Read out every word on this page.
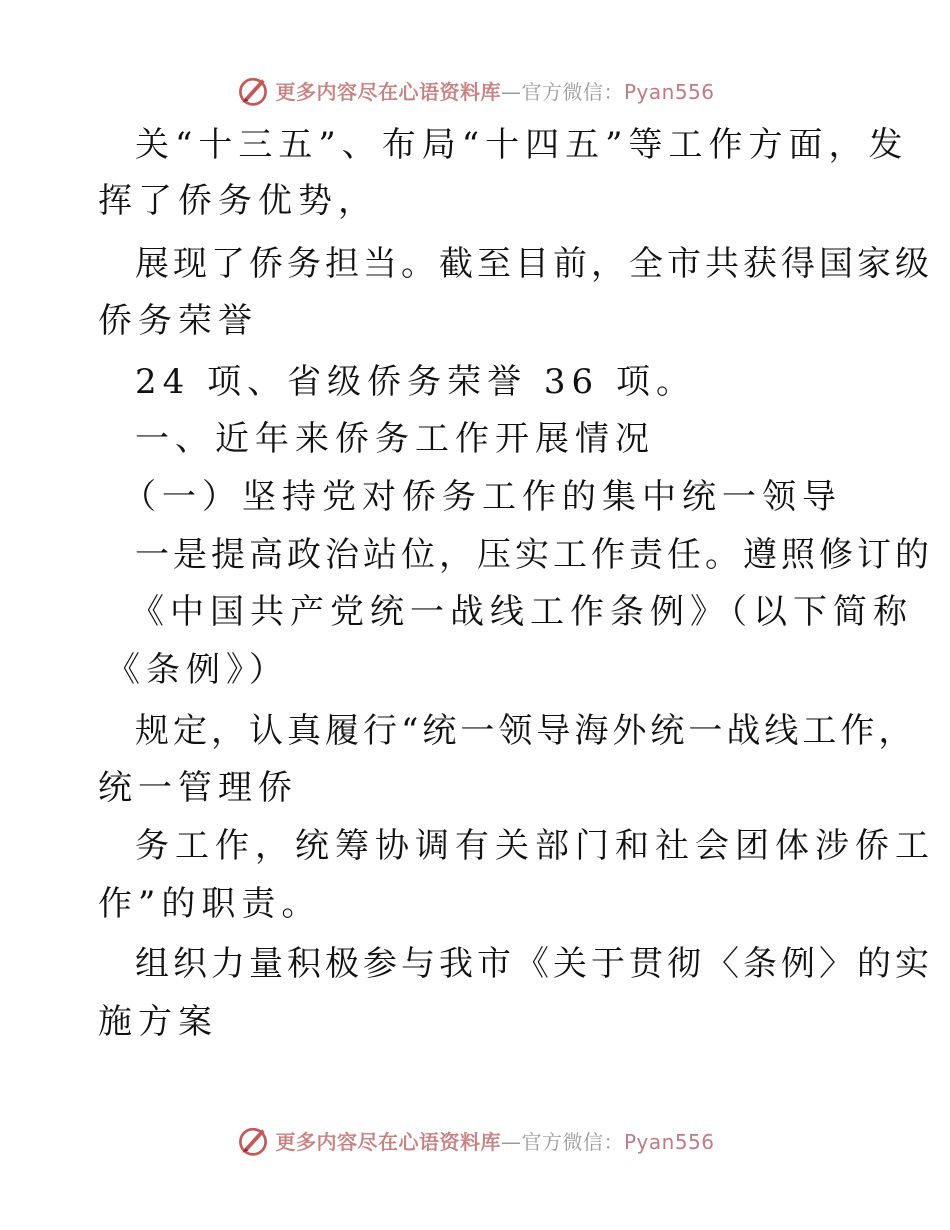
更多内容尽在心语资料库—官方微信：Pyan556
关“十三五”、布局“十四五”等工作方面，发
挥了侨务优势，
展现了侨务担当。截至目前，全市共获得国家级
侨务荣誉
24 项、省级侨务荣誉 36 项。
一、近年来侨务工作开展情况
（一）坚持党对侨务工作的集中统一领导
一是提高政治站位，压实工作责任。遵照修订的
《中国共产党统一战线工作条例》（以下简称
《条例》）
规定，认真履行“统一领导海外统一战线工作，
统一管理侨
务工作，统筹协调有关部门和社会团体涉侨工
作”的职责。
组织力量积极参与我市《关于贯彻〈条例〉的实
施方案
更多内容尽在心语资料库—官方微信：Pyan556
